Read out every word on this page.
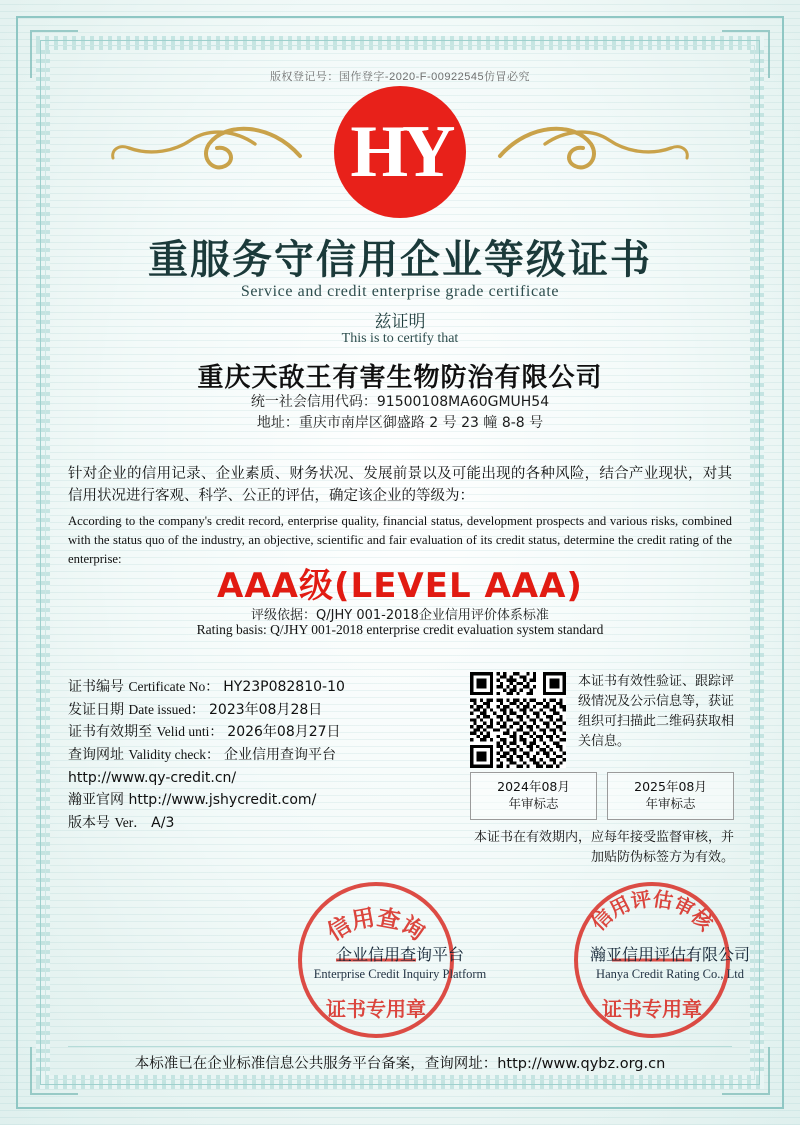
版权登记号：国作登字-2020-F-00922545仿冒必究
HY
重服务守信用企业等级证书
Service and credit enterprise grade certificate
兹证明
This is to certify that
重庆天敌王有害生物防治有限公司
统一社会信用代码：91500108MA60GMUH54
地址：重庆市南岸区御盛路 2 号 23 幢 8-8 号
针对企业的信用记录、企业素质、财务状况、发展前景以及可能出现的各种风险，结合产业现状，对其信用状况进行客观、科学、公正的评估，确定该企业的等级为：
According to the company's credit record, enterprise quality, financial status, development prospects and various risks, combined with the status quo of the industry, an objective, scientific and fair evaluation of its credit status, determine the credit rating of the enterprise:
AAA级(LEVEL AAA)
评级依据：Q/JHY 001-2018企业信用评价体系标准
Rating basis: Q/JHY 001-2018 enterprise credit evaluation system standard
证书编号 Certificate No： HY23P082810-10
发证日期 Date issued： 2023年08月28日
证书有效期至 Velid unti： 2026年08月27日
查询网址 Validity check： 企业信用查询平台
http://www.qy-credit.cn/
瀚亚官网 http://www.jshycredit.com/
版本号 Ver． A/3
本证书有效性验证、跟踪评级情况及公示信息等，获证组织可扫描此二维码获取相关信息。
2024年08月
年审标志
2025年08月
年审标志
本证书在有效期内，应每年接受监督审核，并加贴防伪标签方为有效。
信用查询
证书专用章
信用评估审核
证书专用章
企业信用查询平台
Enterprise Credit Inquiry Platform
瀚亚信用评估有限公司
Hanya Credit Rating Co., Ltd
本标准已在企业标准信息公共服务平台备案，查询网址：http://www.qybz.org.cn
